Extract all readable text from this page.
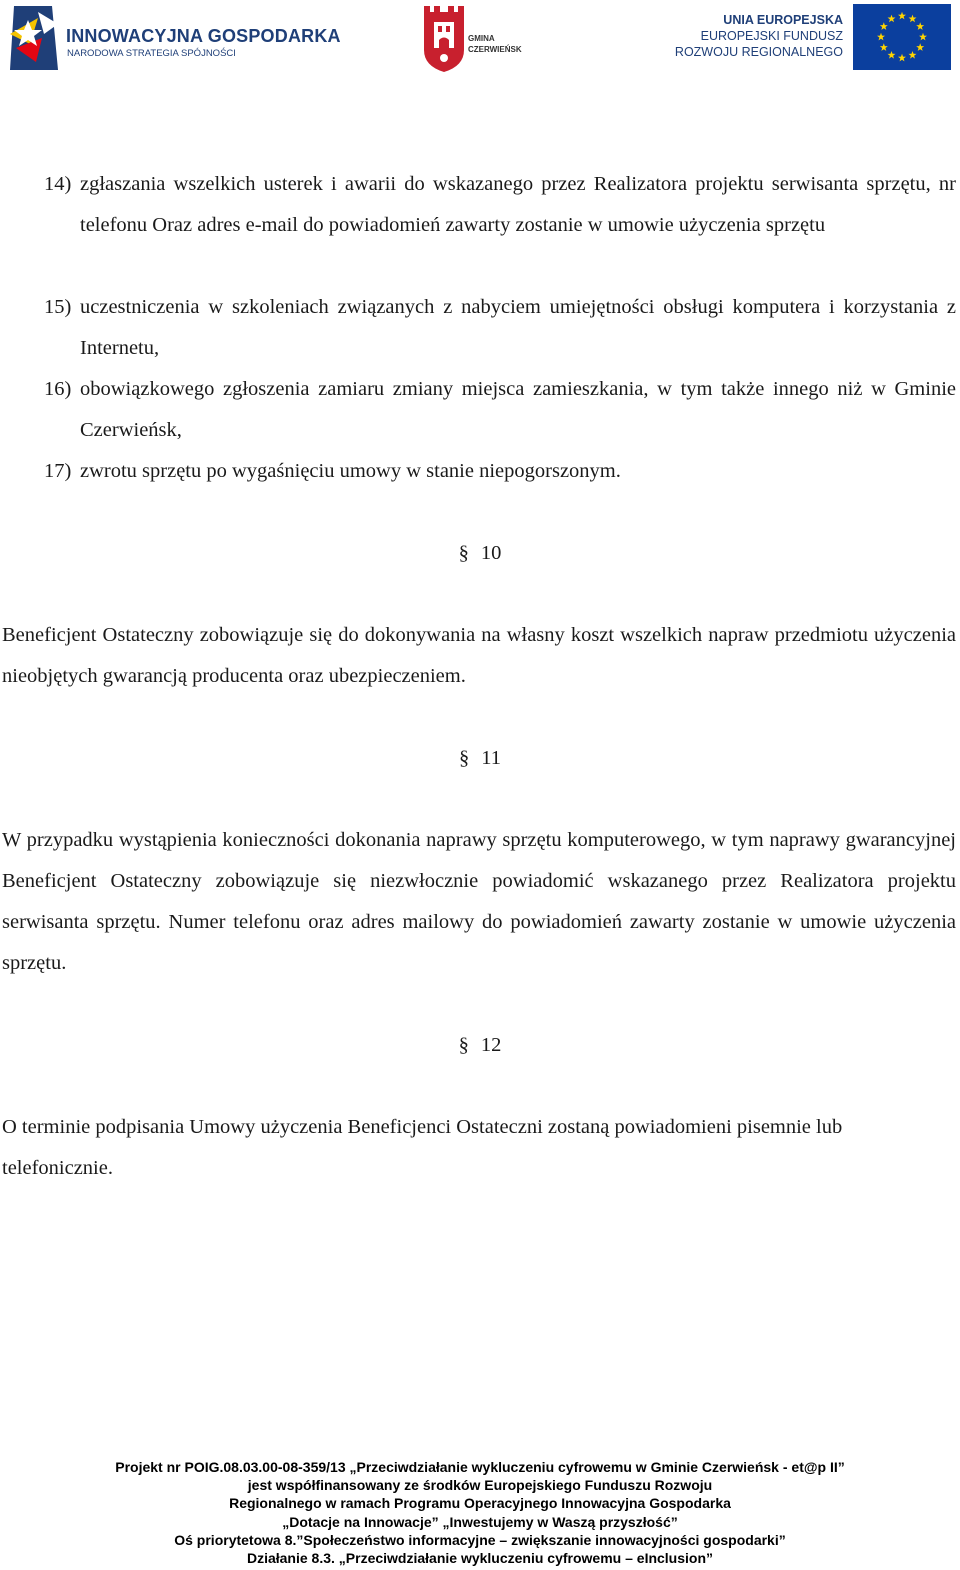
INNOWACYJNA GOSPODARKA
NARODOWA STRATEGIA SPÓJNOŚCI
GMINA
CZERWIEŃSK
UNIA EUROPEJSKA
EUROPEJSKI FUNDUSZ
ROZWOJU REGIONALNEGO
14) zgłaszania wszelkich usterek i awarii do wskazanego przez Realizatora projektu serwisanta sprzętu, nr telefonu Oraz adres e-mail do powiadomień zawarty zostanie w umowie użyczenia sprzętu
15) uczestniczenia w szkoleniach związanych z nabyciem umiejętności obsługi komputera i korzystania z Internetu,
16) obowiązkowego zgłoszenia zamiaru zmiany miejsca zamieszkania, w tym także innego niż w Gminie Czerwieńsk,
17) zwrotu sprzętu po wygaśnięciu umowy w stanie niepogorszonym.
§ 10
Beneficjent Ostateczny zobowiązuje się do dokonywania na własny koszt wszelkich napraw przedmiotu użyczenia nieobjętych gwarancją producenta oraz ubezpieczeniem.
§ 11
W przypadku wystąpienia konieczności dokonania naprawy sprzętu komputerowego, w tym naprawy gwarancyjnej Beneficjent Ostateczny zobowiązuje się niezwłocznie powiadomić wskazanego przez Realizatora projektu serwisanta sprzętu. Numer telefonu oraz adres mailowy do powiadomień zawarty zostanie w umowie użyczenia sprzętu.
§ 12
O terminie podpisania Umowy użyczenia Beneficjenci Ostateczni zostaną powiadomieni pisemnie lub telefonicznie.
Projekt nr POIG.08.03.00-08-359/13 „Przeciwdziałanie wykluczeniu cyfrowemu w Gminie Czerwieńsk - et@p II”
jest współfinansowany ze środków Europejskiego Funduszu Rozwoju
Regionalnego w ramach Programu Operacyjnego Innowacyjna Gospodarka
„Dotacje na Innowacje” „Inwestujemy w Waszą przyszłość”
Oś priorytetowa 8.”Społeczeństwo informacyjne – zwiększanie innowacyjności gospodarki”
Działanie 8.3. „Przeciwdziałanie wykluczeniu cyfrowemu – eInclusion”
